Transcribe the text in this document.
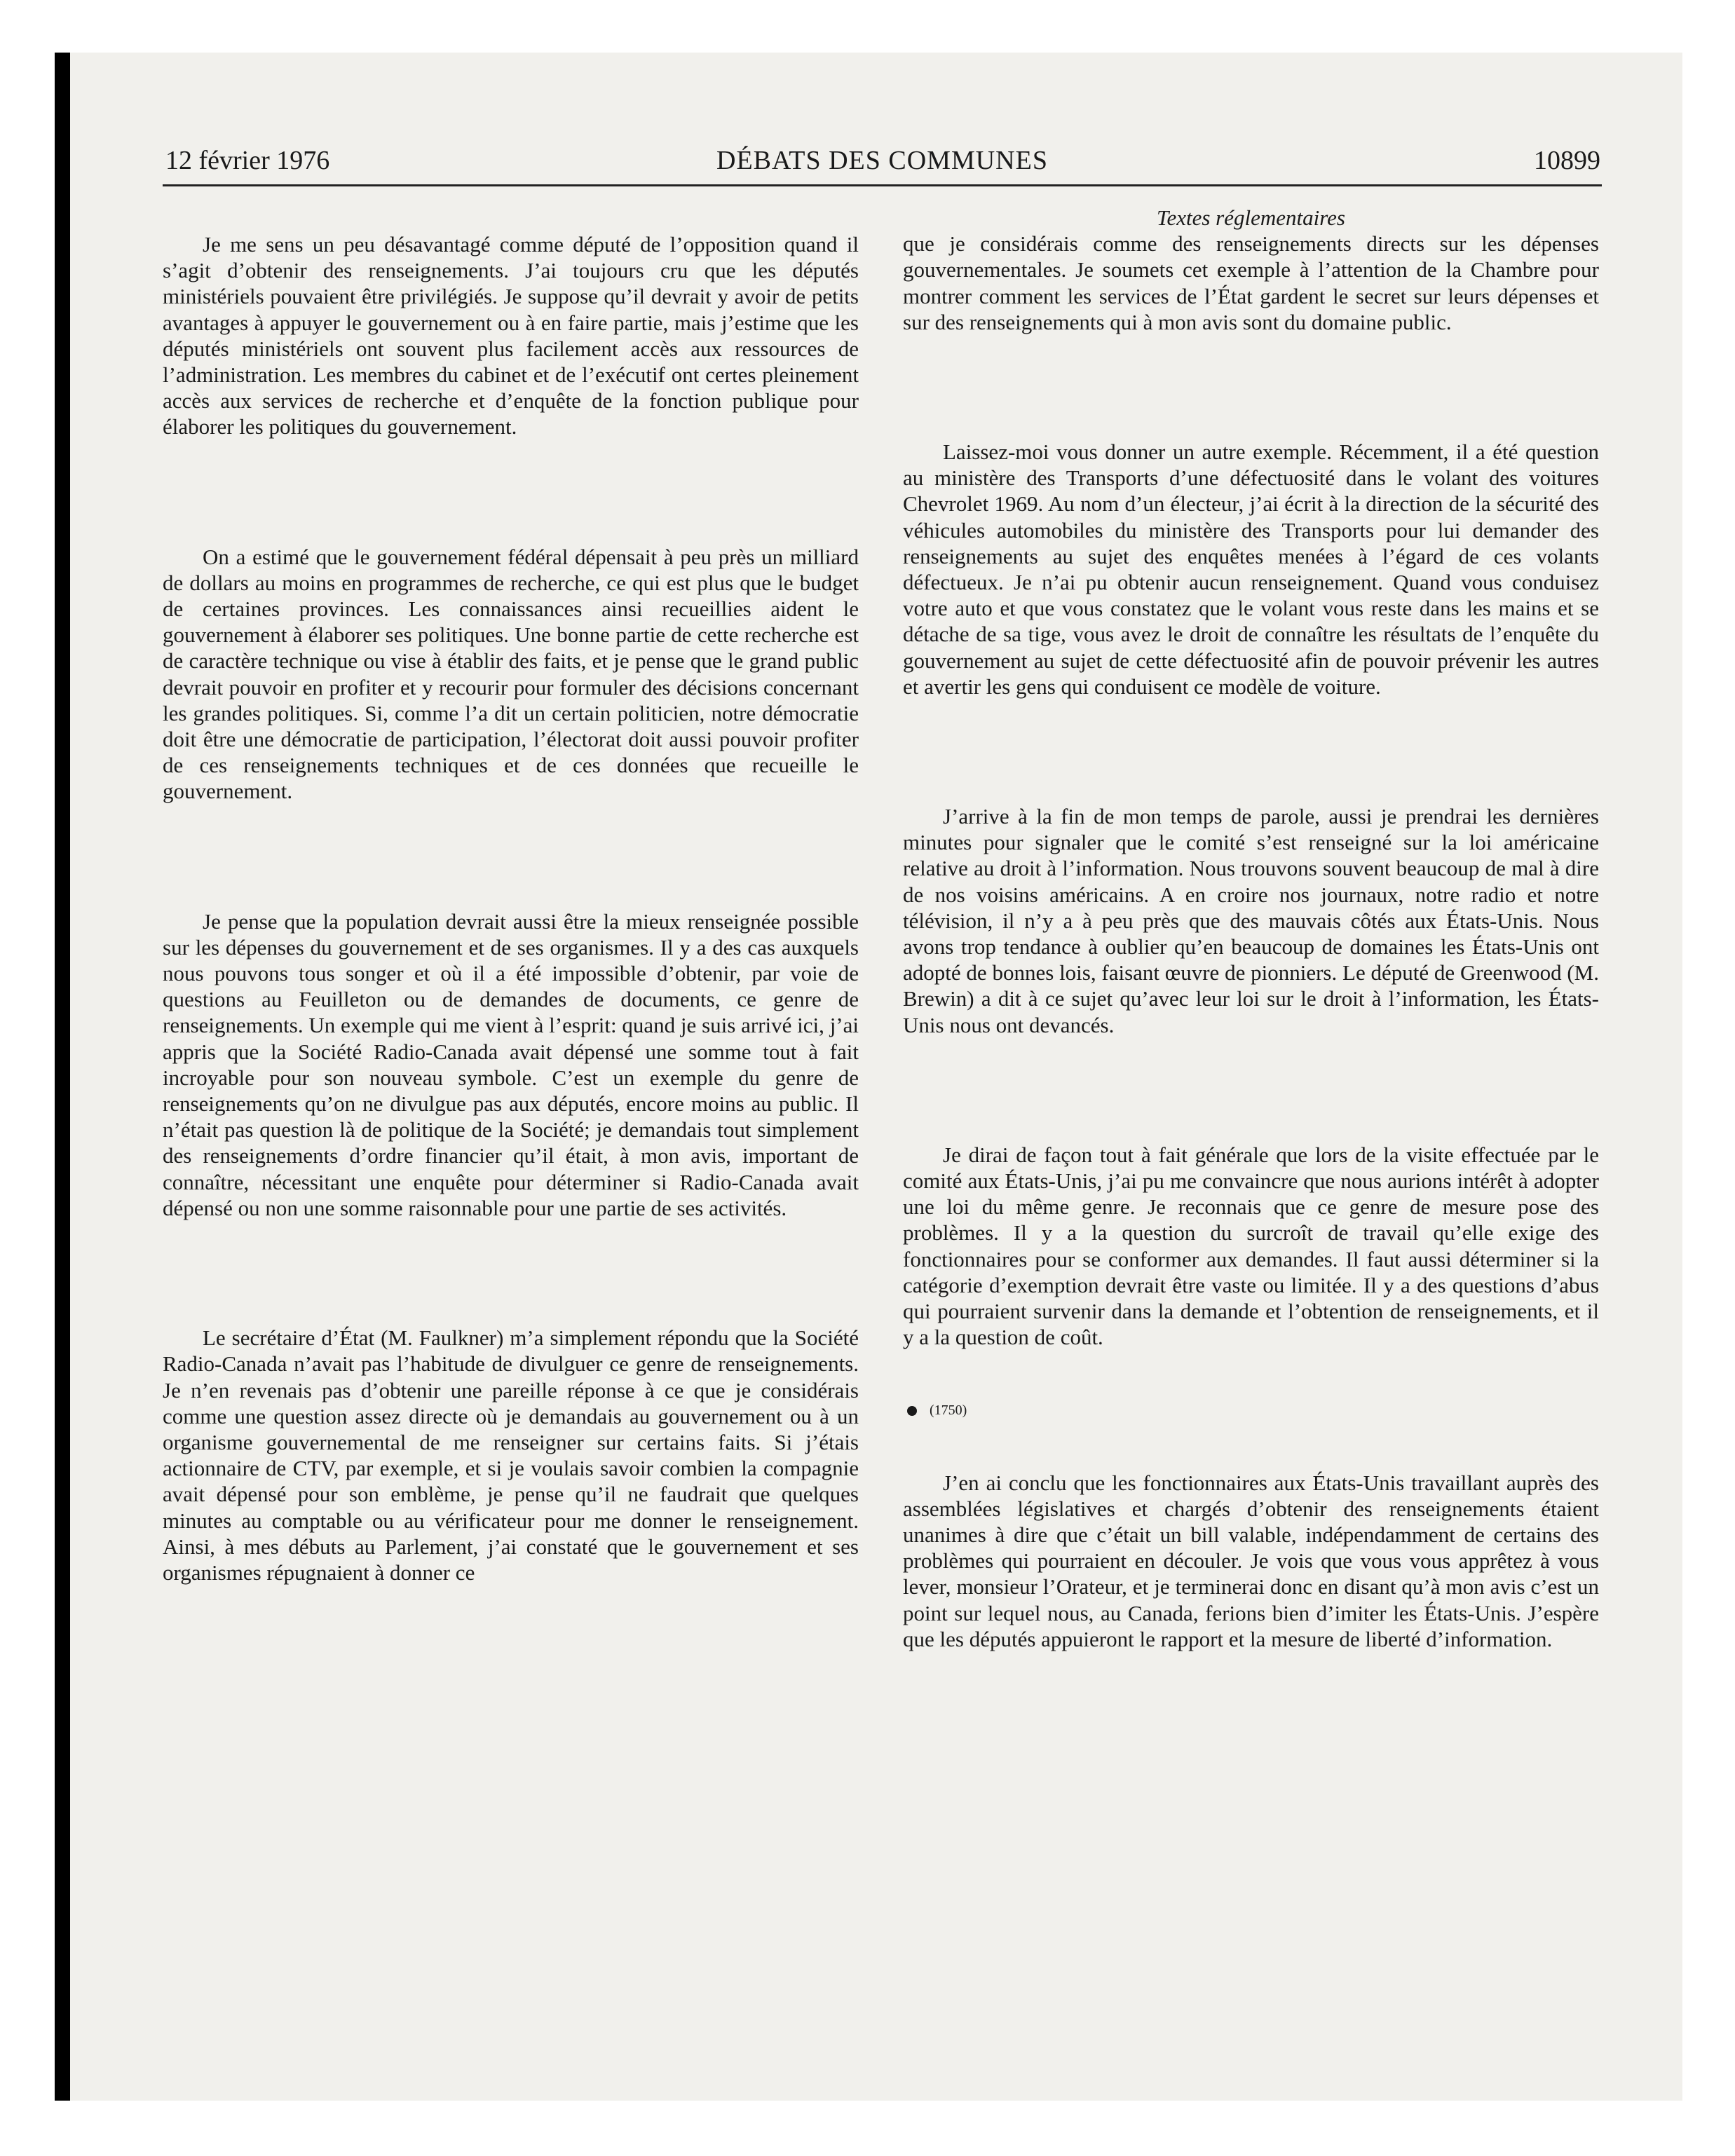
12 février 1976	DÉBATS DES COMMUNES	10899

Je me sens un peu désavantagé comme député de l’opposition quand il s’agit d’obtenir des renseignements. J’ai toujours cru que les députés ministériels pouvaient être privilégiés. Je suppose qu’il devrait y avoir de petits avantages à appuyer le gouvernement ou à en faire partie, mais j’estime que les députés ministériels ont souvent plus facilement accès aux ressources de l’administration. Les membres du cabinet et de l’exécutif ont certes pleinement accès aux services de recherche et d’enquête de la fonction publique pour élaborer les politiques du gouvernement.

On a estimé que le gouvernement fédéral dépensait à peu près un milliard de dollars au moins en programmes de recherche, ce qui est plus que le budget de certaines provinces. Les connaissances ainsi recueillies aident le gouvernement à élaborer ses politiques. Une bonne partie de cette recherche est de caractère technique ou vise à établir des faits, et je pense que le grand public devrait pouvoir en profiter et y recourir pour formuler des décisions concernant les grandes politiques. Si, comme l’a dit un certain politicien, notre démocratie doit être une démocratie de participation, l’électorat doit aussi pouvoir profiter de ces renseignements techniques et de ces données que recueille le gouvernement.

Je pense que la population devrait aussi être la mieux renseignée possible sur les dépenses du gouvernement et de ses organismes. Il y a des cas auxquels nous pouvons tous songer et où il a été impossible d’obtenir, par voie de questions au Feuilleton ou de demandes de documents, ce genre de renseignements. Un exemple qui me vient à l’esprit: quand je suis arrivé ici, j’ai appris que la Société Radio-Canada avait dépensé une somme tout à fait incroyable pour son nouveau symbole. C’est un exemple du genre de renseignements qu’on ne divulgue pas aux députés, encore moins au public. Il n’était pas question là de politique de la Société; je demandais tout simplement des renseignements d’ordre financier qu’il était, à mon avis, important de connaître, nécessitant une enquête pour déterminer si Radio-Canada avait dépensé ou non une somme raisonnable pour une partie de ses activités.

Le secrétaire d’État (M. Faulkner) m’a simplement répondu que la Société Radio-Canada n’avait pas l’habitude de divulguer ce genre de renseignements. Je n’en revenais pas d’obtenir une pareille réponse à ce que je considérais comme une question assez directe où je demandais au gouvernement ou à un organisme gouvernemental de me renseigner sur certains faits. Si j’étais actionnaire de CTV, par exemple, et si je voulais savoir combien la compagnie avait dépensé pour son emblème, je pense qu’il ne faudrait que quelques minutes au comptable ou au vérificateur pour me donner le renseignement. Ainsi, à mes débuts au Parlement, j’ai constaté que le gouvernement et ses organismes répugnaient à donner ce

Textes réglementaires

que je considérais comme des renseignements directs sur les dépenses gouvernementales. Je soumets cet exemple à l’attention de la Chambre pour montrer comment les services de l’État gardent le secret sur leurs dépenses et sur des renseignements qui à mon avis sont du domaine public.

Laissez-moi vous donner un autre exemple. Récemment, il a été question au ministère des Transports d’une défectuosité dans le volant des voitures Chevrolet 1969. Au nom d’un électeur, j’ai écrit à la direction de la sécurité des véhicules automobiles du ministère des Transports pour lui demander des renseignements au sujet des enquêtes menées à l’égard de ces volants défectueux. Je n’ai pu obtenir aucun renseignement. Quand vous conduisez votre auto et que vous constatez que le volant vous reste dans les mains et se détache de sa tige, vous avez le droit de connaître les résultats de l’enquête du gouvernement au sujet de cette défectuosité afin de pouvoir prévenir les autres et avertir les gens qui conduisent ce modèle de voiture.

J’arrive à la fin de mon temps de parole, aussi je prendrai les dernières minutes pour signaler que le comité s’est renseigné sur la loi américaine relative au droit à l’information. Nous trouvons souvent beaucoup de mal à dire de nos voisins américains. A en croire nos journaux, notre radio et notre télévision, il n’y a à peu près que des mauvais côtés aux États-Unis. Nous avons trop tendance à oublier qu’en beaucoup de domaines les États-Unis ont adopté de bonnes lois, faisant œuvre de pionniers. Le député de Greenwood (M. Brewin) a dit à ce sujet qu’avec leur loi sur le droit à l’information, les États-Unis nous ont devancés.

Je dirai de façon tout à fait générale que lors de la visite effectuée par le comité aux États-Unis, j’ai pu me convaincre que nous aurions intérêt à adopter une loi du même genre. Je reconnais que ce genre de mesure pose des problèmes. Il y a la question du surcroît de travail qu’elle exige des fonctionnaires pour se conformer aux demandes. Il faut aussi déterminer si la catégorie d’exemption devrait être vaste ou limitée. Il y a des questions d’abus qui pourraient survenir dans la demande et l’obtention de renseignements, et il y a la question de coût.

(1750)

J’en ai conclu que les fonctionnaires aux États-Unis travaillant auprès des assemblées législatives et chargés d’obtenir des renseignements étaient unanimes à dire que c’était un bill valable, indépendamment de certains des problèmes qui pourraient en découler. Je vois que vous vous apprêtez à vous lever, monsieur l’Orateur, et je terminerai donc en disant qu’à mon avis c’est un point sur lequel nous, au Canada, ferions bien d’imiter les États-Unis. J’espère que les députés appuieront le rapport et la mesure de liberté d’information.
